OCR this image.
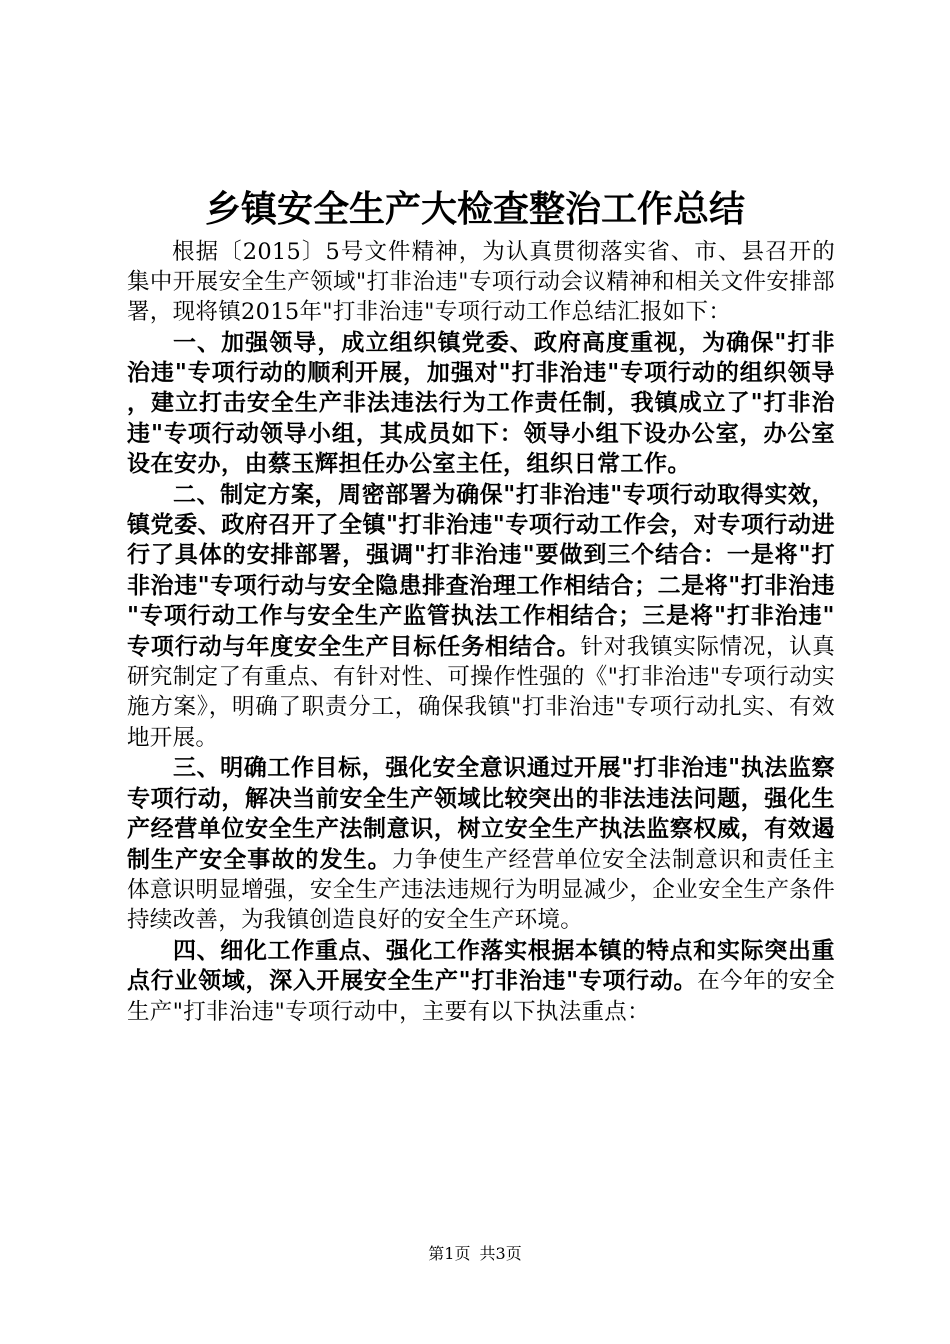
乡镇安全生产大检查整治工作总结

根据〔2015〕5号文件精神，为认真贯彻落实省、市、县召开的集中开展安全生产领域"打非治违"专项行动会议精神和相关文件安排部署，现将镇2015年"打非治违"专项行动工作总结汇报如下：

一、加强领导，成立组织镇党委、政府高度重视，为确保"打非治违"专项行动的顺利开展，加强对"打非治违"专项行动的组织领导，建立打击安全生产非法违法行为工作责任制，我镇成立了"打非治违"专项行动领导小组，其成员如下：领导小组下设办公室，办公室设在安办，由蔡玉辉担任办公室主任，组织日常工作。

二、制定方案，周密部署为确保"打非治违"专项行动取得实效，镇党委、政府召开了全镇"打非治违"专项行动工作会，对专项行动进行了具体的安排部署，强调"打非治违"要做到三个结合：一是将"打非治违"专项行动与安全隐患排查治理工作相结合；二是将"打非治违"专项行动工作与安全生产监管执法工作相结合；三是将"打非治违"专项行动与年度安全生产目标任务相结合。针对我镇实际情况，认真研究制定了有重点、有针对性、可操作性强的《"打非治违"专项行动实施方案》，明确了职责分工，确保我镇"打非治违"专项行动扎实、有效地开展。

三、明确工作目标，强化安全意识通过开展"打非治违"执法监察专项行动，解决当前安全生产领域比较突出的非法违法问题，强化生产经营单位安全生产法制意识，树立安全生产执法监察权威，有效遏制生产安全事故的发生。力争使生产经营单位安全法制意识和责任主体意识明显增强，安全生产违法违规行为明显减少，企业安全生产条件持续改善，为我镇创造良好的安全生产环境。

四、细化工作重点、强化工作落实根据本镇的特点和实际突出重点行业领域，深入开展安全生产"打非治违"专项行动。在今年的安全生产"打非治违"专项行动中，主要有以下执法重点：

第1页 共3页
